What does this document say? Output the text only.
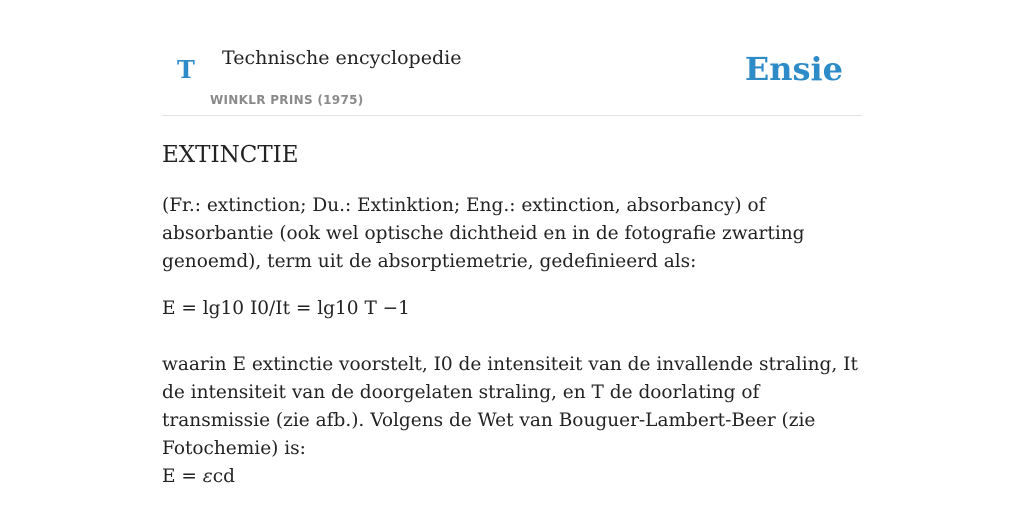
T Technische encyclopedie
WINKLR PRINS (1975)
Ensie
EXTINCTIE

(Fr.: extinction; Du.: Extinktion; Eng.: extinction, absorbancy) of absorbantie (ook wel optische dichtheid en in de fotografie zwarting genoemd), term uit de absorptiemetrie, gedefinieerd als:

E = lg10 I0/It = lg10 T −1

waarin E extinctie voorstelt, I0 de intensiteit van de invallende straling, It de intensiteit van de doorgelaten straling, en T de doorlating of transmissie (zie afb.). Volgens de Wet van Bouguer-Lambert-Beer (zie Fotochemie) is:

E = εcd
